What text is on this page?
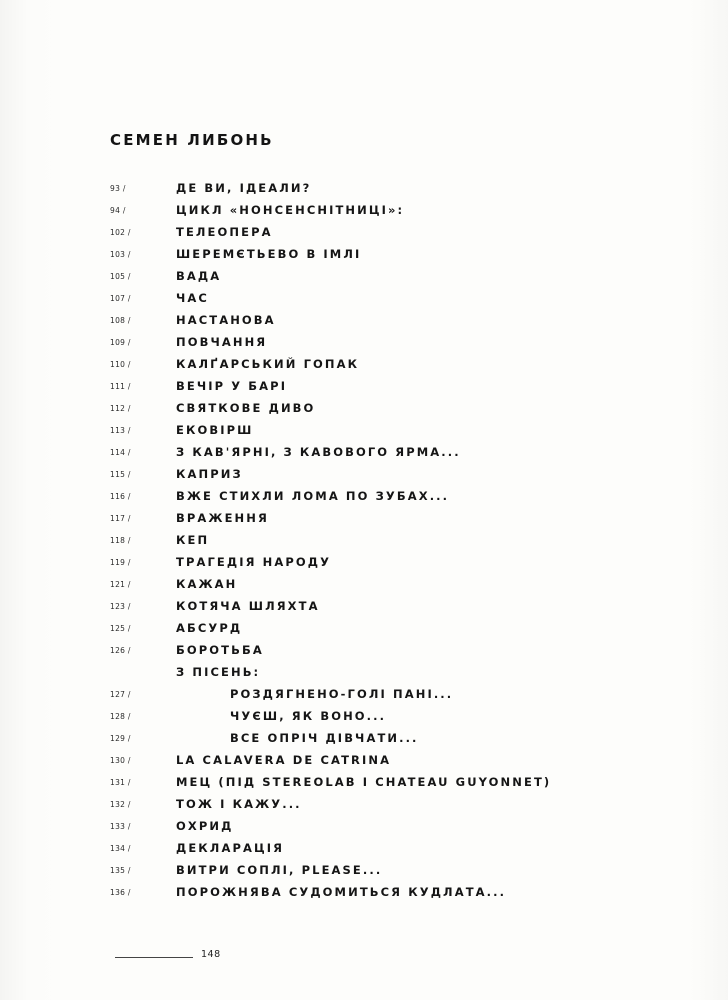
СЕМЕН ЛИБОНЬ
93 /	ДЕ ВИ, ІДЕАЛИ?
94 /	ЦИКЛ «НОНСЕНСНІТНИЦІ»:
102 /	ТЕЛЕОПЕРА
103 /	ШЕРЕМЄТЬЕВО В ІМЛІ
105 /	ВАДА
107 /	ЧАС
108 /	НАСТАНОВА
109 /	ПОВЧАННЯ
110 /	КАЛҐАРСЬКИЙ ГОПАК
111 /	ВЕЧІР У БАРІ
112 /	СВЯТКОВЕ ДИВО
113 /	ЕКОВІРШ
114 /	З КАВ'ЯРНІ, З КАВОВОГО ЯРМА...
115 /	КАПРИЗ
116 /	ВЖЕ СТИХЛИ ЛОМА ПО ЗУБАХ...
117 /	ВРАЖЕННЯ
118 /	КЕП
119 /	ТРАГЕДІЯ НАРОДУ
121 /	КАЖАН
123 /	КОТЯЧА ШЛЯХТА
125 /	АБСУРД
126 /	БОРОТЬБА
З ПІСЕНЬ:
127 /	РОЗДЯГНЕНО-ГОЛІ ПАНІ...
128 /	ЧУЄШ, ЯК ВОНО...
129 /	ВСЕ ОПРІЧ ДІВЧАТИ...
130 /	LA CALAVERA DE CATRINA
131 /	МЕЦ (ПІД STEREOLAB І CHATEAU GUYONNET)
132 /	ТОЖ І КАЖУ...
133 /	ОХРИД
134 /	ДЕКЛАРАЦІЯ
135 /	ВИТРИ СОПЛІ, PLEASE...
136 /	ПОРОЖНЯВА СУДОМИТЬСЯ КУДЛАТА...
148
